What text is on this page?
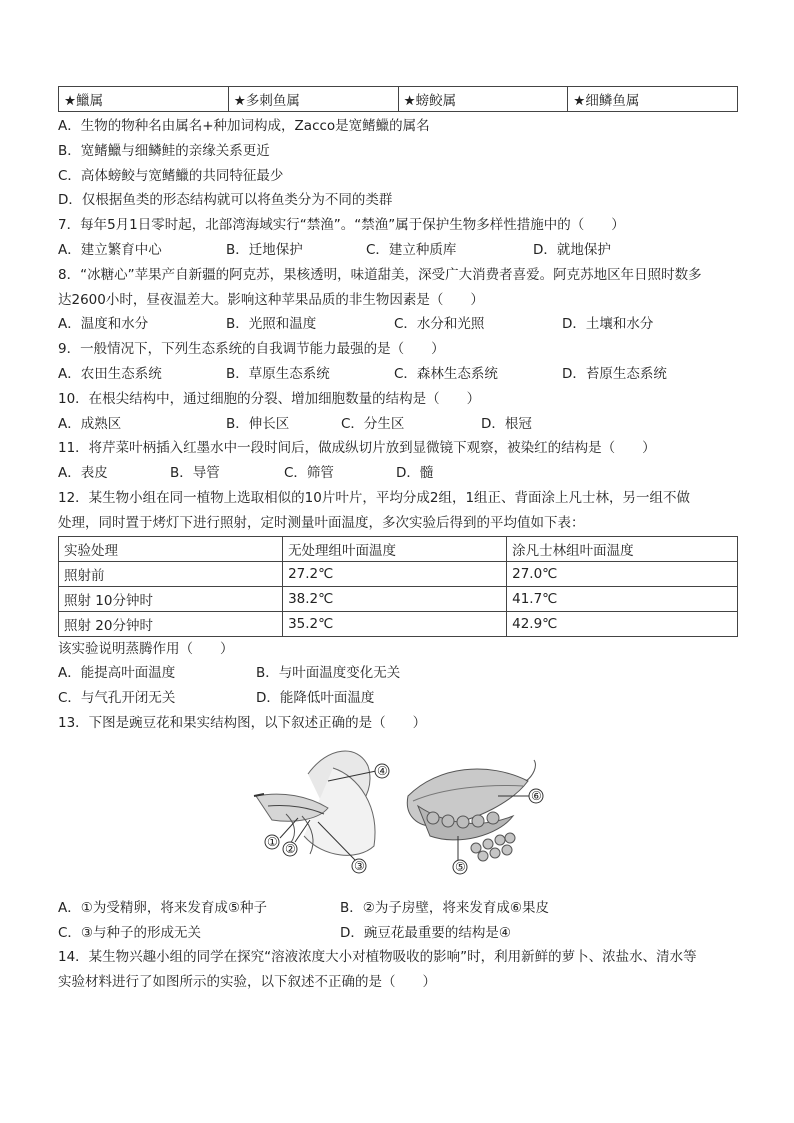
★鱲属	★多刺鱼属	★螃鲛属	★细鳞鱼属
A．生物的物种名由属名+种加词构成，Zacco是宽鳍鱲的属名
B．宽鳍鱲与细鳞鲑的亲缘关系更近
C．高体螃鲛与宽鳍鱲的共同特征最少
D．仅根据鱼类的形态结构就可以将鱼类分为不同的类群
7．每年5月1日零时起，北部湾海域实行“禁渔”。“禁渔”属于保护生物多样性措施中的（　　）
A．建立繁育中心	B．迁地保护	C．建立种质库	D．就地保护
8．“冰糖心”苹果产自新疆的阿克苏，果核透明，味道甜美，深受广大消费者喜爱。阿克苏地区年日照时数多
达2600小时，昼夜温差大。影响这种苹果品质的非生物因素是（　　）
A．温度和水分	B．光照和温度	C．水分和光照	D．土壤和水分
9．一般情况下，下列生态系统的自我调节能力最强的是（　　）
A．农田生态系统	B．草原生态系统	C．森林生态系统	D．苔原生态系统
10．在根尖结构中，通过细胞的分裂、增加细胞数量的结构是（　　）
A．成熟区	B．伸长区	C．分生区	D．根冠
11．将芹菜叶柄插入红墨水中一段时间后，做成纵切片放到显微镜下观察，被染红的结构是（　　）
A．表皮	B．导管	C．筛管	D．髓
12．某生物小组在同一植物上选取相似的10片叶片，平均分成2组，1组正、背面涂上凡士林，另一组不做
处理，同时置于烤灯下进行照射，定时测量叶面温度，多次实验后得到的平均值如下表：
实验处理	无处理组叶面温度	涂凡士林组叶面温度
照射前	27.2℃	27.0℃
照射 10分钟时	38.2℃	41.7℃
照射 20分钟时	35.2℃	42.9℃
该实验说明蒸腾作用（　　）
A．能提高叶面温度	B．与叶面温度变化无关
C．与气孔开闭无关	D．能降低叶面温度
13．下图是豌豆花和果实结构图，以下叙述正确的是（　　）
④
① ②
③
⑥
⑤
A．①为受精卵，将来发育成⑤种子	B．②为子房壁，将来发育成⑥果皮
C．③与种子的形成无关	D．豌豆花最重要的结构是④
14．某生物兴趣小组的同学在探究“溶液浓度大小对植物吸收的影响”时，利用新鲜的萝卜、浓盐水、清水等
实验材料进行了如图所示的实验，以下叙述不正确的是（　　）
